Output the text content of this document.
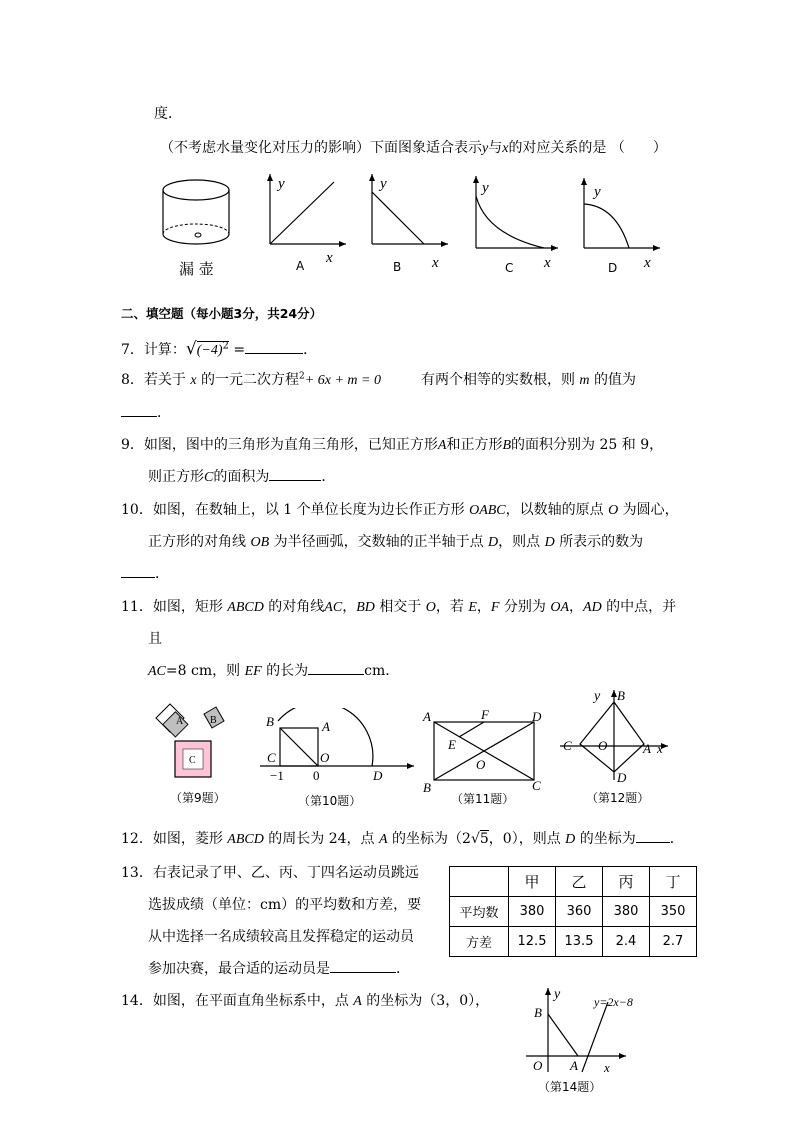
度．
（不考虑水量变化对压力的影响）下面图象适合表示y与x的对应关系的是 （　　）
漏 壶
y
x
A
y
x
B
y
x
C
y
x
D
二、填空题（每小题3分，共24分）
7．计算：$√(-4)^2$ =	．
8．若关于 x 的一元二次方程$^2$+ 6x + m = 0	有两个相等的实数根，则 m 的值为
．
9．如图，图中的三角形为直角三角形，已知正方形A和正方形B的面积分别为 25 和 9，
则正方形C的面积为	．
10．如图，在数轴上，以 1 个单位长度为边长作正方形 OABC，以数轴的原点 O 为圆心，
正方形的对角线 OB 为半径画弧，交数轴的正半轴于点 D，则点 D 所表示的数为
．
11．如图，矩形 ABCD 的对角线AC，BD 相交于 O，若 E，F 分别为 OA，AD 的中点，并
且
AC=8 cm，则 EF 的长为	cm．
A	B
C
（第9题）
B	A
C	O
D
−1 0
（第10题）
A	F	D
E
O
B	C
（第11题）
y B
C O	A x
D
（第12题）
12．如图，菱形 ABCD 的周长为 24，点 A 的坐标为（2√5，0），则点 D 的坐标为 ．
13．右表记录了甲、乙、丙、丁四名运动员跳远
选拔成绩（单位：cm）的平均数和方差，要
从中选择一名成绩较高且发挥稳定的运动员
参加决赛，最合适的运动员是	．
	甲	乙	丙	丁
平均数	380	360	380	350
方差	12.5	13.5	2.4	2.7
14．如图，在平面直角坐标系中，点 A 的坐标为（3，0），	y	y=2x−8
B
O A x
（第14题）
